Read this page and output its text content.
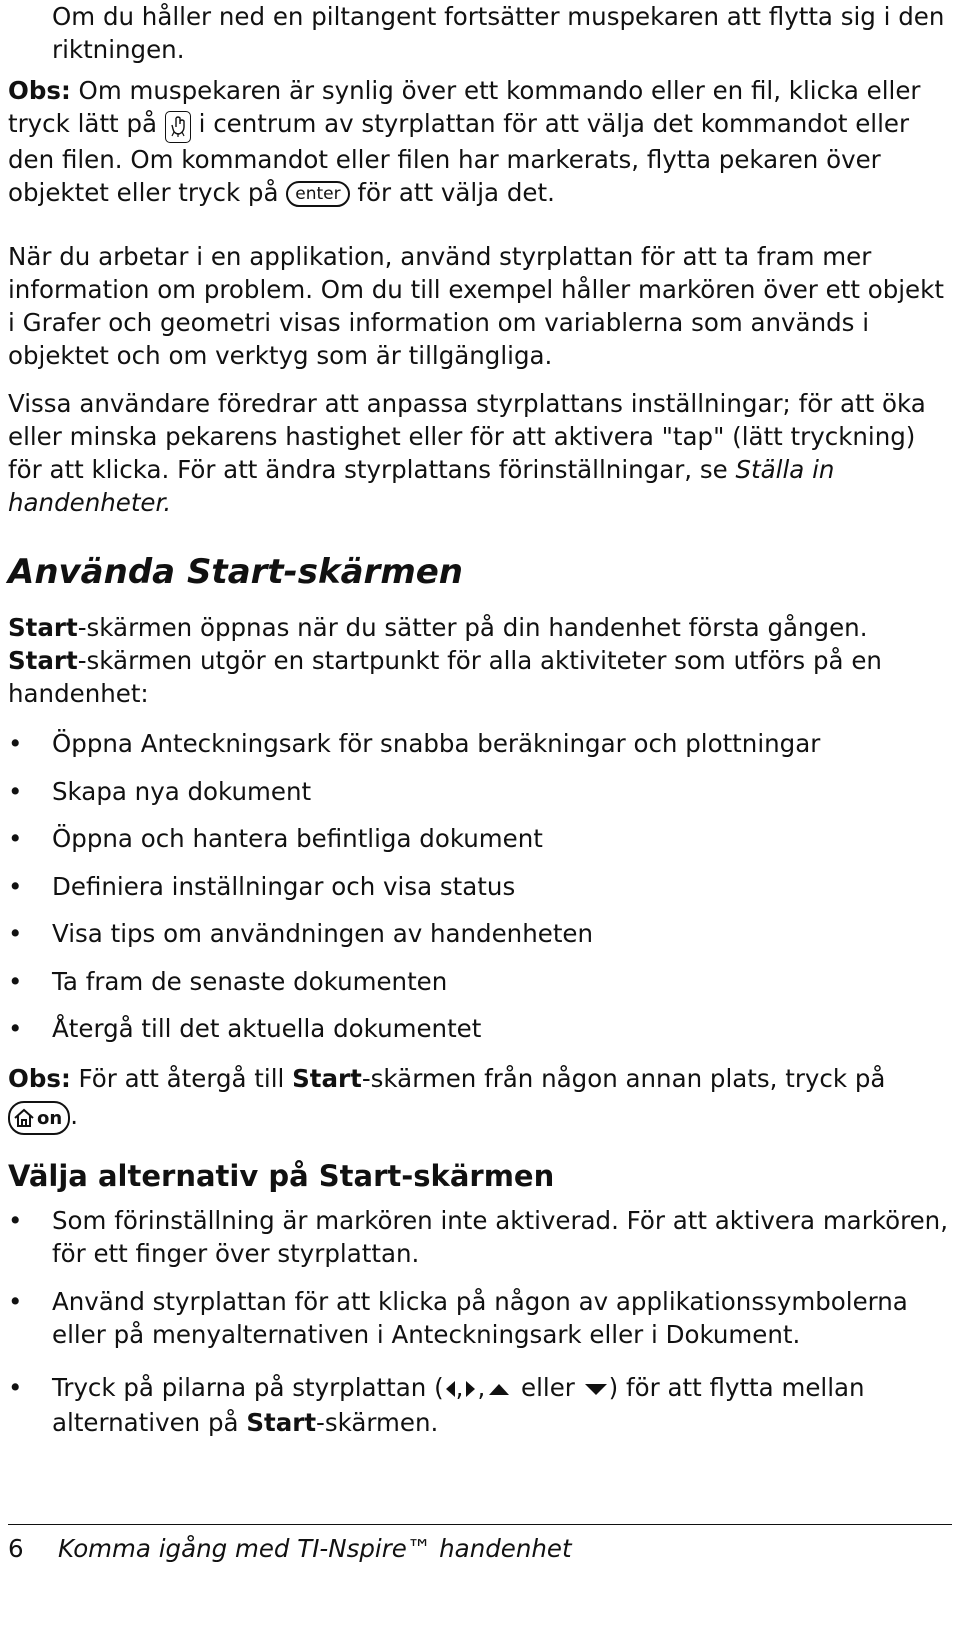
Om du håller ned en piltangent fortsätter muspekaren att flytta sig i den riktningen.

Obs: Om muspekaren är synlig över ett kommando eller en fil, klicka eller tryck lätt på  i centrum av styrplattan för att välja det kommandot eller den filen. Om kommandot eller filen har markerats, flytta pekaren över objektet eller tryck på enter för att välja det.

När du arbetar i en applikation, använd styrplattan för att ta fram mer information om problem. Om du till exempel håller markören över ett objekt i Grafer och geometri visas information om variablerna som används i objektet och om verktyg som är tillgängliga.

Vissa användare föredrar att anpassa styrplattans inställningar; för att öka eller minska pekarens hastighet eller för att aktivera "tap" (lätt tryckning) för att klicka. För att ändra styrplattans förinställningar, se Ställa in handenheter.

Använda Start-skärmen

Start-skärmen öppnas när du sätter på din handenhet första gången. Start-skärmen utgör en startpunkt för alla aktiviteter som utförs på en handenhet:

• Öppna Anteckningsark för snabba beräkningar och plottningar
• Skapa nya dokument
• Öppna och hantera befintliga dokument
• Definiera inställningar och visa status
• Visa tips om användningen av handenheten
• Ta fram de senaste dokumenten
• Återgå till det aktuella dokumentet

Obs: För att återgå till Start-skärmen från någon annan plats, tryck på

on .

Välja alternativ på Start-skärmen
• Som förinställning är markören inte aktiverad. För att aktivera markören, för ett finger över styrplattan.
• Använd styrplattan för att klicka på någon av applikationssymbolerna eller på menyalternativen i Anteckningsark eller i Dokument.
• Tryck på pilarna på styrplattan ( , , eller ) för att flytta mellan alternativen på Start-skärmen.
6 Komma igång med TI-Nspire™ handenhet
